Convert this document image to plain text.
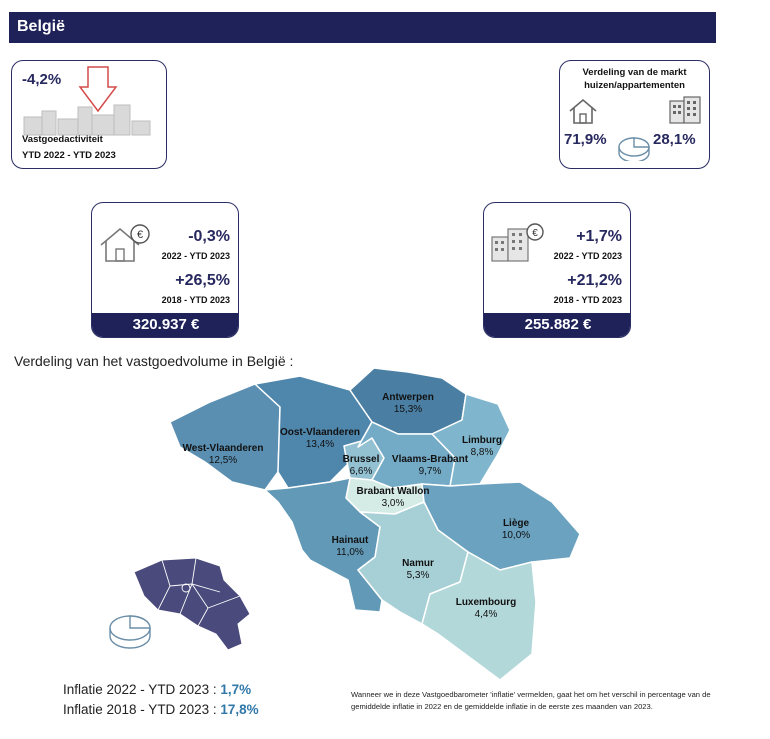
België
-4,2%
Vastgoedactiviteit
YTD 2022 - YTD 2023
Verdeling van de markt
huizen/appartementen
71,9%	28,1%
€	-0,3%
2022 - YTD 2023
+26,5%
2018 - YTD 2023
320.937 €
€ +1,7%
2022 - YTD 2023
+21,2%
2018 - YTD 2023
255.882 €
Verdeling van het vastgoedvolume in België :
Antwerpen
15,3%
Oost-Vlaanderen
13,4%
West-Vlaanderen
12,5%
Limburg
8,8%
Brussel
6,6%
Vlaams-Brabant
9,7%
Brabant Wallon
3,0%
Liège
10,0%
Hainaut
11,0%
Namur
5,3%
Luxembourg
4,4%
Inflatie 2022 - YTD 2023 : 1,7%
Inflatie 2018 - YTD 2023 : 17,8%
Wanneer we in deze Vastgoedbarometer 'inflatie' vermelden, gaat het om het verschil in percentage van de
gemiddelde inflatie in 2022 en de gemiddelde inflatie in de eerste zes maanden van 2023.
